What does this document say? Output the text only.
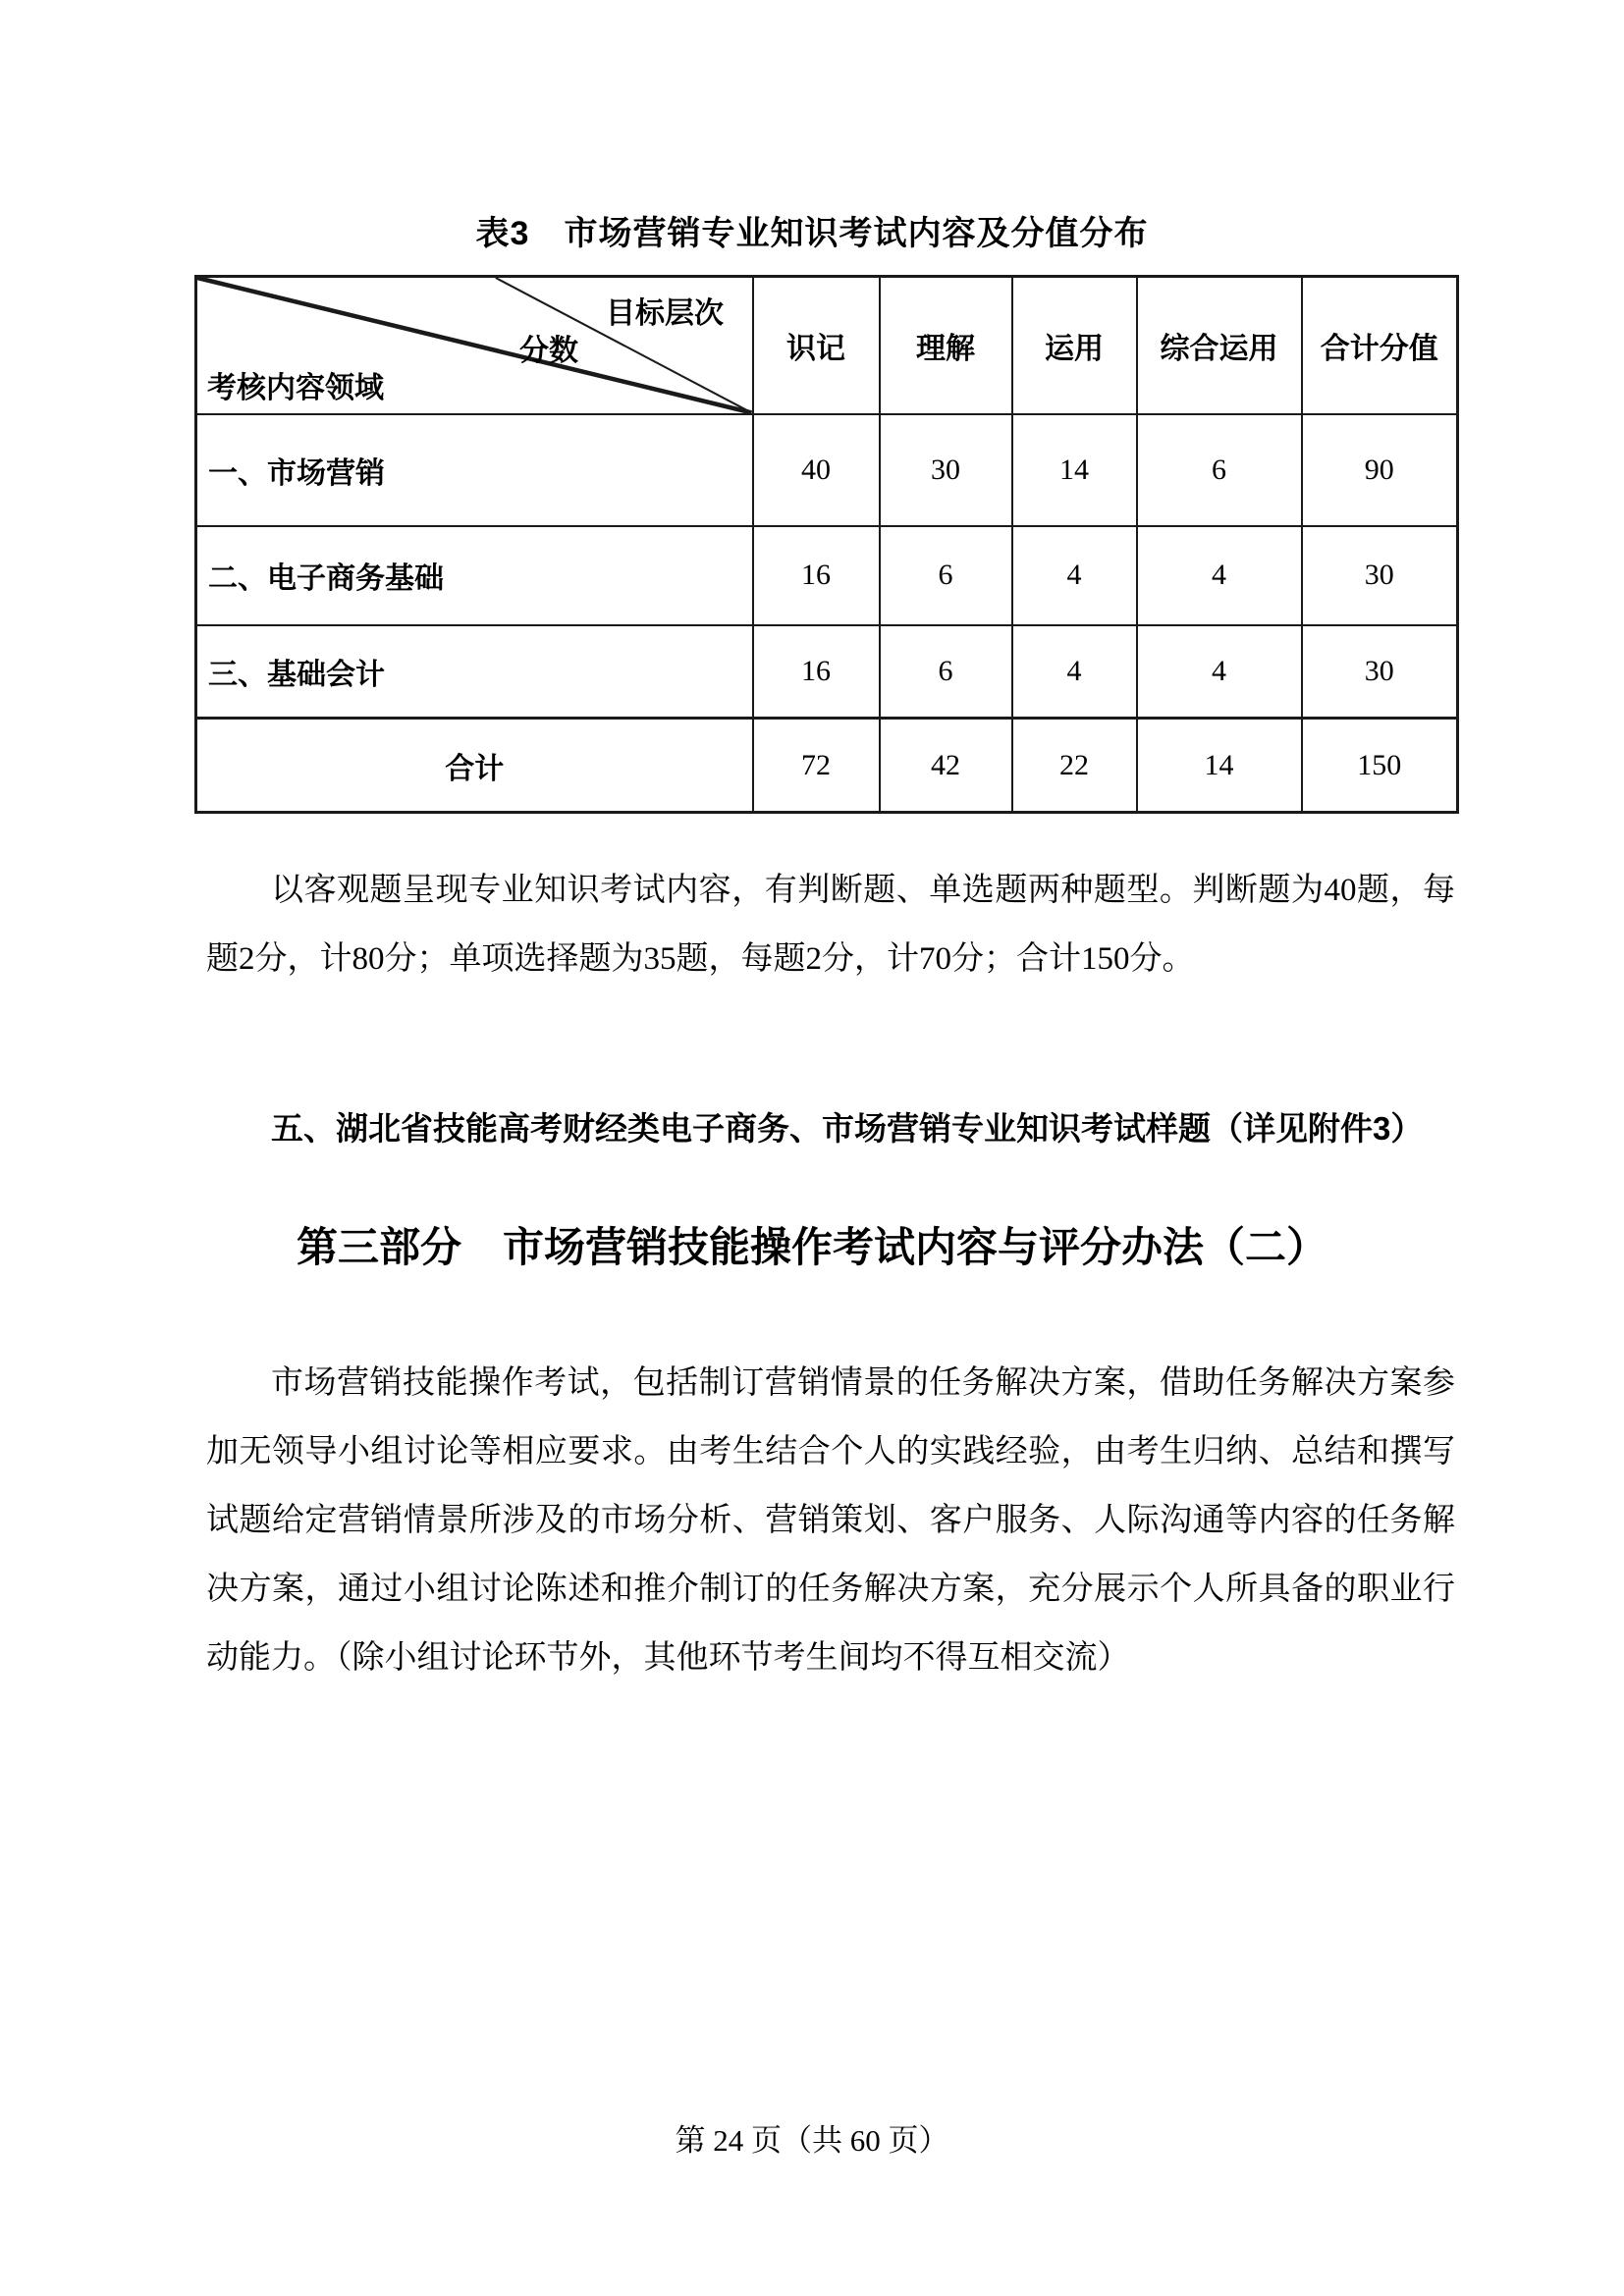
表3　市场营销专业知识考试内容及分值分布
目标层次
分数
考核内容领域	识记	理解	运用	综合运用	合计分值
一、市场营销	40	30	14	6	90
二、电子商务基础	16	6	4	4	30
三、基础会计	16	6	4	4	30
合计	72	42	22	14	150

以客观题呈现专业知识考试内容，有判断题、单选题两种题型。判断题为40题，每题2分，计80分；单项选择题为35题，每题2分，计70分；合计150分。

五、湖北省技能高考财经类电子商务、市场营销专业知识考试样题（详见附件3）
第三部分　市场营销技能操作考试内容与评分办法（二）

市场营销技能操作考试，包括制订营销情景的任务解决方案，借助任务解决方案参加无领导小组讨论等相应要求。由考生结合个人的实践经验，由考生归纳、总结和撰写试题给定营销情景所涉及的市场分析、营销策划、客户服务、人际沟通等内容的任务解决方案，通过小组讨论陈述和推介制订的任务解决方案，充分展示个人所具备的职业行动能力。（除小组讨论环节外，其他环节考生间均不得互相交流）

第 24 页（共 60 页）
